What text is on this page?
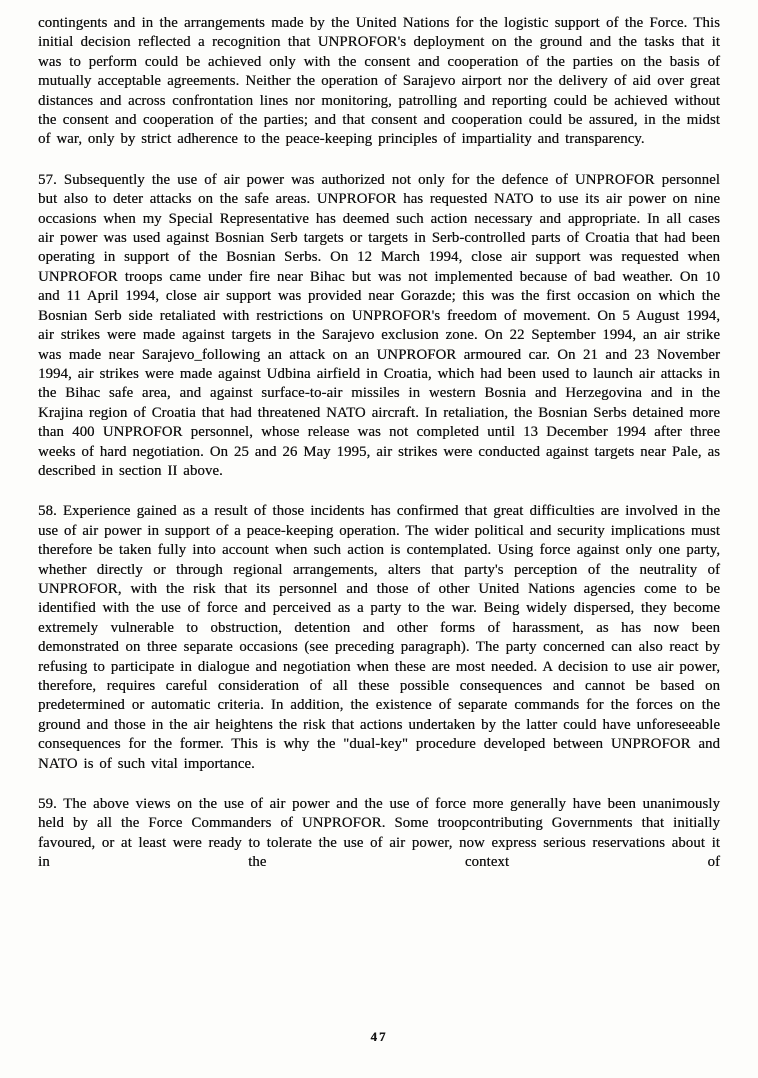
contingents and in the arrangements made by the United Nations for the logistic support of the Force. This initial decision reflected a recognition that UNPROFOR's deployment on the ground and the tasks that it was to perform could be achieved only with the consent and cooperation of the parties on the basis of mutually acceptable agreements. Neither the operation of Sarajevo airport nor the delivery of aid over great distances and across confrontation lines nor monitoring, patrolling and reporting could be achieved without the consent and cooperation of the parties; and that consent and cooperation could be assured, in the midst of war, only by strict adherence to the peace-keeping principles of impartiality and transparency.

57. Subsequently the use of air power was authorized not only for the defence of UNPROFOR personnel but also to deter attacks on the safe areas. UNPROFOR has requested NATO to use its air power on nine occasions when my Special Representative has deemed such action necessary and appropriate. In all cases air power was used against Bosnian Serb targets or targets in Serb-controlled parts of Croatia that had been operating in support of the Bosnian Serbs. On 12 March 1994, close air support was requested when UNPROFOR troops came under fire near Bihac but was not implemented because of bad weather. On 10 and 11 April 1994, close air support was provided near Gorazde; this was the first occasion on which the Bosnian Serb side retaliated with restrictions on UNPROFOR's freedom of movement. On 5 August 1994, air strikes were made against targets in the Sarajevo exclusion zone. On 22 September 1994, an air strike was made near Sarajevo_following an attack on an UNPROFOR armoured car. On 21 and 23 November 1994, air strikes were made against Udbina airfield in Croatia, which had been used to launch air attacks in the Bihac safe area, and against surface-to-air missiles in western Bosnia and Herzegovina and in the Krajina region of Croatia that had threatened NATO aircraft. In retaliation, the Bosnian Serbs detained more than 400 UNPROFOR personnel, whose release was not completed until 13 December 1994 after three weeks of hard negotiation. On 25 and 26 May 1995, air strikes were conducted against targets near Pale, as described in section II above.

58. Experience gained as a result of those incidents has confirmed that great difficulties are involved in the use of air power in support of a peace-keeping operation. The wider political and security implications must therefore be taken fully into account when such action is contemplated. Using force against only one party, whether directly or through regional arrangements, alters that party's perception of the neutrality of UNPROFOR, with the risk that its personnel and those of other United Nations agencies come to be identified with the use of force and perceived as a party to the war. Being widely dispersed, they become extremely vulnerable to obstruction, detention and other forms of harassment, as has now been demonstrated on three separate occasions (see preceding paragraph). The party concerned can also react by refusing to participate in dialogue and negotiation when these are most needed. A decision to use air power, therefore, requires careful consideration of all these possible consequences and cannot be based on predetermined or automatic criteria. In addition, the existence of separate commands for the forces on the ground and those in the air heightens the risk that actions undertaken by the latter could have unforeseeable consequences for the former. This is why the "dual-key" procedure developed between UNPROFOR and NATO is of such vital importance.

59. The above views on the use of air power and the use of force more generally have been unanimously held by all the Force Commanders of UNPROFOR. Some troopcontributing Governments that initially favoured, or at least were ready to tolerate the use of air power, now express serious reservations about it in the context of

47
